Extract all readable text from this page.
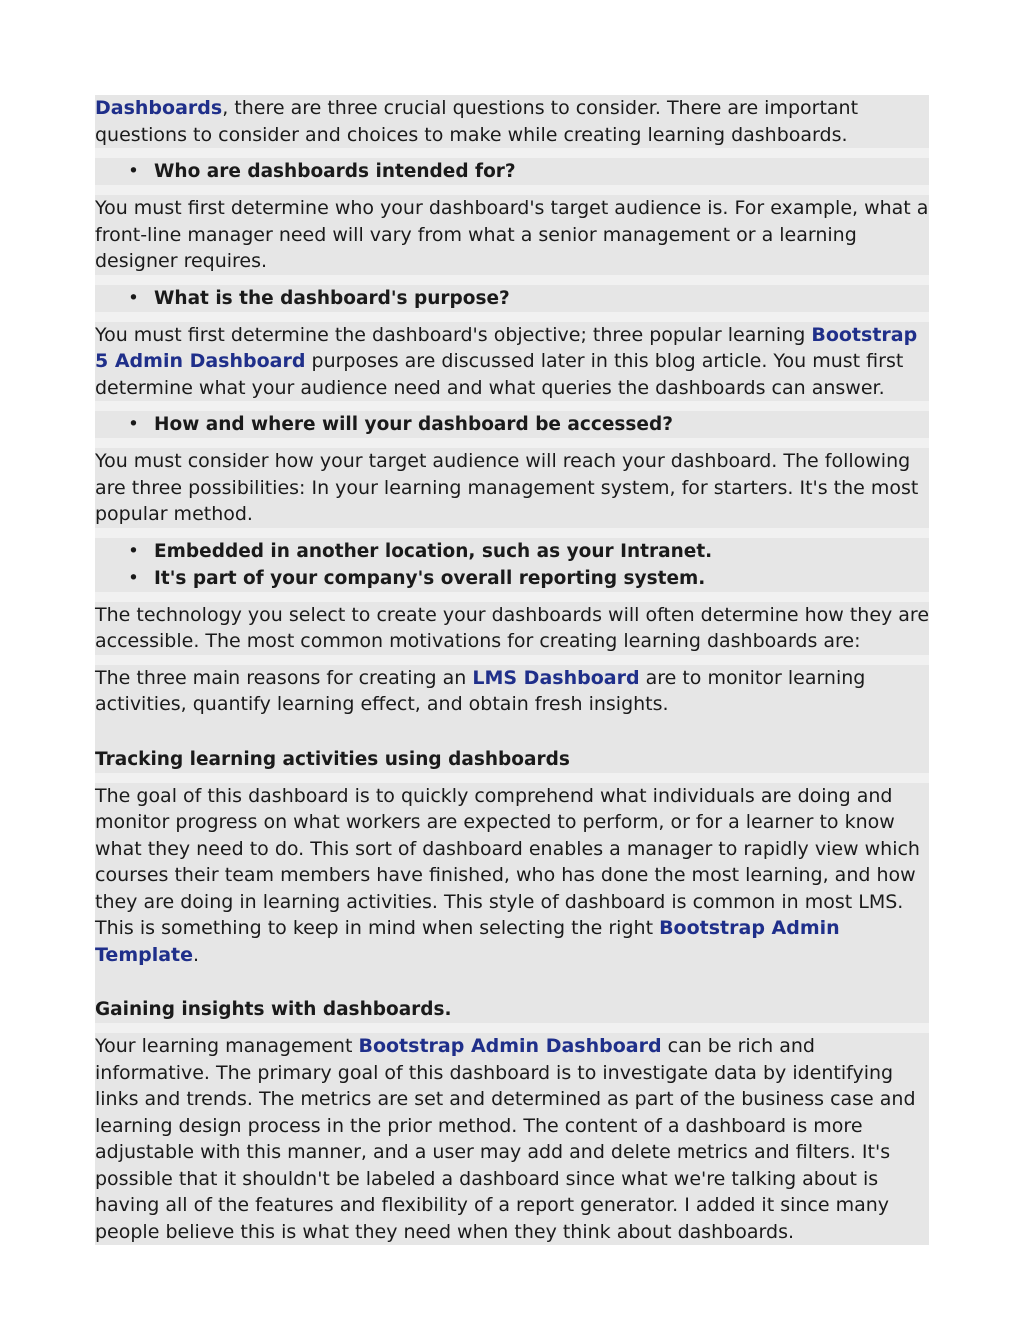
Dashboards, there are three crucial questions to consider. There are important questions to consider and choices to make while creating learning dashboards.

• Who are dashboards intended for?

You must first determine who your dashboard's target audience is. For example, what a front-line manager need will vary from what a senior management or a learning designer requires.

• What is the dashboard's purpose?

You must first determine the dashboard's objective; three popular learning Bootstrap 5 Admin Dashboard purposes are discussed later in this blog article. You must first determine what your audience need and what queries the dashboards can answer.

• How and where will your dashboard be accessed?

You must consider how your target audience will reach your dashboard. The following are three possibilities: In your learning management system, for starters. It's the most popular method.

• Embedded in another location, such as your Intranet.
• It's part of your company's overall reporting system.

The technology you select to create your dashboards will often determine how they are accessible. The most common motivations for creating learning dashboards are:

The three main reasons for creating an LMS Dashboard are to monitor learning activities, quantify learning effect, and obtain fresh insights.

Tracking learning activities using dashboards

The goal of this dashboard is to quickly comprehend what individuals are doing and monitor progress on what workers are expected to perform, or for a learner to know what they need to do. This sort of dashboard enables a manager to rapidly view which courses their team members have finished, who has done the most learning, and how they are doing in learning activities. This style of dashboard is common in most LMS. This is something to keep in mind when selecting the right Bootstrap Admin Template.

Gaining insights with dashboards.

Your learning management Bootstrap Admin Dashboard can be rich and informative. The primary goal of this dashboard is to investigate data by identifying links and trends. The metrics are set and determined as part of the business case and learning design process in the prior method. The content of a dashboard is more adjustable with this manner, and a user may add and delete metrics and filters. It's possible that it shouldn't be labeled a dashboard since what we're talking about is having all of the features and flexibility of a report generator. I added it since many people believe this is what they need when they think about dashboards.
